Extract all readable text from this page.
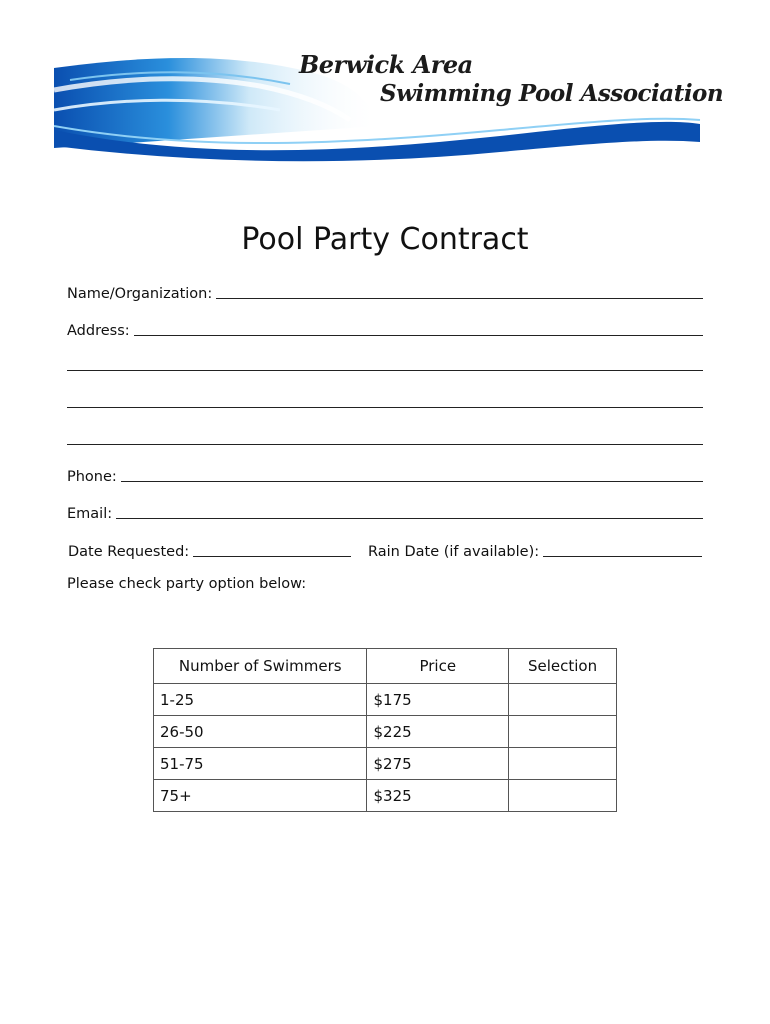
Berwick Area
Swimming Pool Association
Pool Party Contract
Name/Organization:
Address:
Phone:
Email:
Date Requested:	Rain Date (if available):
Please check party option below:
Number of Swimmers	Price	Selection
1-25	$175	
26-50	$225	
51-75	$275	
75+	$325	
